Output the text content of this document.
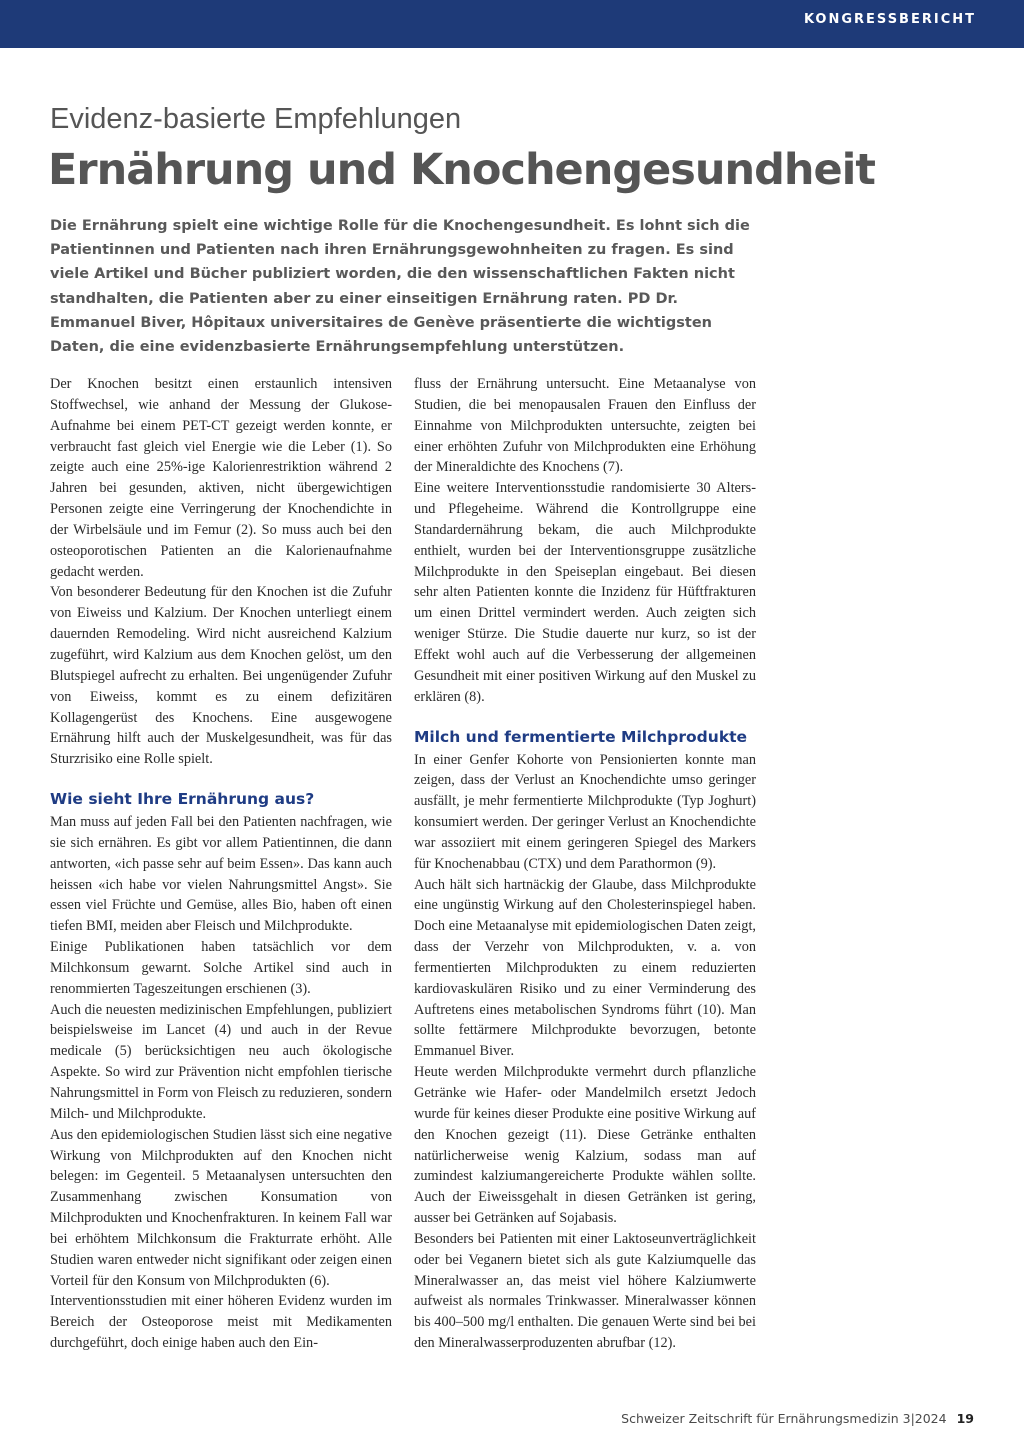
KONGRESSBERICHT
Evidenz-basierte Empfehlungen
Ernährung und Knochengesundheit

Die Ernährung spielt eine wichtige Rolle für die Knochengesundheit. Es lohnt sich die Patientinnen und Patienten nach ihren Ernährungsgewohnheiten zu fragen. Es sind viele Artikel und Bücher publiziert worden, die den wissenschaftlichen Fakten nicht standhalten, die Patienten aber zu einer einseitigen Ernährung raten. PD Dr. Emmanuel Biver, Hôpitaux universitaires de Genève präsentierte die wichtigsten Daten, die eine evidenzbasierte Ernährungsempfehlung unterstützen.

Der Knochen besitzt einen erstaunlich intensiven Stoffwechsel, wie anhand der Messung der Glukose-Aufnahme bei einem PET-CT gezeigt werden konnte, er verbraucht fast gleich viel Energie wie die Leber (1). So zeigte auch eine 25%-ige Kalorienrestriktion während 2 Jahren bei gesunden, aktiven, nicht übergewichtigen Personen zeigte eine Verringerung der Knochendichte in der Wirbelsäule und im Femur (2). So muss auch bei den osteoporotischen Patienten an die Kalorienaufnahme gedacht werden.

Von besonderer Bedeutung für den Knochen ist die Zufuhr von Eiweiss und Kalzium. Der Knochen unterliegt einem dauernden Remodeling. Wird nicht ausreichend Kalzium zugeführt, wird Kalzium aus dem Knochen gelöst, um den Blutspiegel aufrecht zu erhalten. Bei ungenügender Zufuhr von Eiweiss, kommt es zu einem defizitären Kollagengerüst des Knochens. Eine ausgewogene Ernährung hilft auch der Muskelgesundheit, was für das Sturzrisiko eine Rolle spielt.

Wie sieht Ihre Ernährung aus?

Man muss auf jeden Fall bei den Patienten nachfragen, wie sie sich ernähren. Es gibt vor allem Patientinnen, die dann antworten, «ich passe sehr auf beim Essen». Das kann auch heissen «ich habe vor vielen Nahrungsmittel Angst». Sie essen viel Früchte und Gemüse, alles Bio, haben oft einen tiefen BMI, meiden aber Fleisch und Milchprodukte.

Einige Publikationen haben tatsächlich vor dem Milchkonsum gewarnt. Solche Artikel sind auch in renommierten Tageszeitungen erschienen (3).

Auch die neuesten medizinischen Empfehlungen, publiziert beispielsweise im Lancet (4) und auch in der Revue medicale (5) berücksichtigen neu auch ökologische Aspekte. So wird zur Prävention nicht empfohlen tierische Nahrungsmittel in Form von Fleisch zu reduzieren, sondern Milch- und Milchprodukte.

Aus den epidemiologischen Studien lässt sich eine negative Wirkung von Milchprodukten auf den Knochen nicht belegen: im Gegenteil. 5 Metaanalysen untersuchten den Zusammenhang zwischen Konsumation von Milchprodukten und Knochenfrakturen. In keinem Fall war bei erhöhtem Milchkonsum die Frakturrate erhöht. Alle Studien waren entweder nicht signifikant oder zeigen einen Vorteil für den Konsum von Milchprodukten (6).

Interventionsstudien mit einer höheren Evidenz wurden im Bereich der Osteoporose meist mit Medikamenten durchgeführt, doch einige haben auch den Ein-

fluss der Ernährung untersucht. Eine Metaanalyse von Studien, die bei menopausalen Frauen den Einfluss der Einnahme von Milchprodukten untersuchte, zeigten bei einer erhöhten Zufuhr von Milchprodukten eine Erhöhung der Mineraldichte des Knochens (7).

Eine weitere Interventionsstudie randomisierte 30 Alters- und Pflegeheime. Während die Kontrollgruppe eine Standardernährung bekam, die auch Milchprodukte enthielt, wurden bei der Interventionsgruppe zusätzliche Milchprodukte in den Speiseplan eingebaut. Bei diesen sehr alten Patienten konnte die Inzidenz für Hüftfrakturen um einen Drittel vermindert werden. Auch zeigten sich weniger Stürze. Die Studie dauerte nur kurz, so ist der Effekt wohl auch auf die Verbesserung der allgemeinen Gesundheit mit einer positiven Wirkung auf den Muskel zu erklären (8).

Milch und fermentierte Milchprodukte

In einer Genfer Kohorte von Pensionierten konnte man zeigen, dass der Verlust an Knochendichte umso geringer ausfällt, je mehr fermentierte Milchprodukte (Typ Joghurt) konsumiert werden. Der geringer Verlust an Knochendichte war assoziiert mit einem geringeren Spiegel des Markers für Knochenabbau (CTX) und dem Parathormon (9).

Auch hält sich hartnäckig der Glaube, dass Milchprodukte eine ungünstig Wirkung auf den Cholesterinspiegel haben. Doch eine Metaanalyse mit epidemiologischen Daten zeigt, dass der Verzehr von Milchprodukten, v. a. von fermentierten Milchprodukten zu einem reduzierten kardiovaskulären Risiko und zu einer Verminderung des Auftretens eines metabolischen Syndroms führt (10). Man sollte fettärmere Milchprodukte bevorzugen, betonte Emmanuel Biver.

Heute werden Milchprodukte vermehrt durch pflanzliche Getränke wie Hafer- oder Mandelmilch ersetzt Jedoch wurde für keines dieser Produkte eine positive Wirkung auf den Knochen gezeigt (11). Diese Getränke enthalten natürlicherweise wenig Kalzium, sodass man auf zumindest kalziumangereicherte Produkte wählen sollte. Auch der Eiweissgehalt in diesen Getränken ist gering, ausser bei Getränken auf Sojabasis.

Besonders bei Patienten mit einer Laktoseunverträglichkeit oder bei Veganern bietet sich als gute Kalziumquelle das Mineralwasser an, das meist viel höhere Kalziumwerte aufweist als normales Trinkwasser. Mineralwasser können bis 400–500 mg/l enthalten. Die genauen Werte sind bei bei den Mineralwasserproduzenten abrufbar (12).

Schweizer Zeitschrift für Ernährungsmedizin 3|2024 19
